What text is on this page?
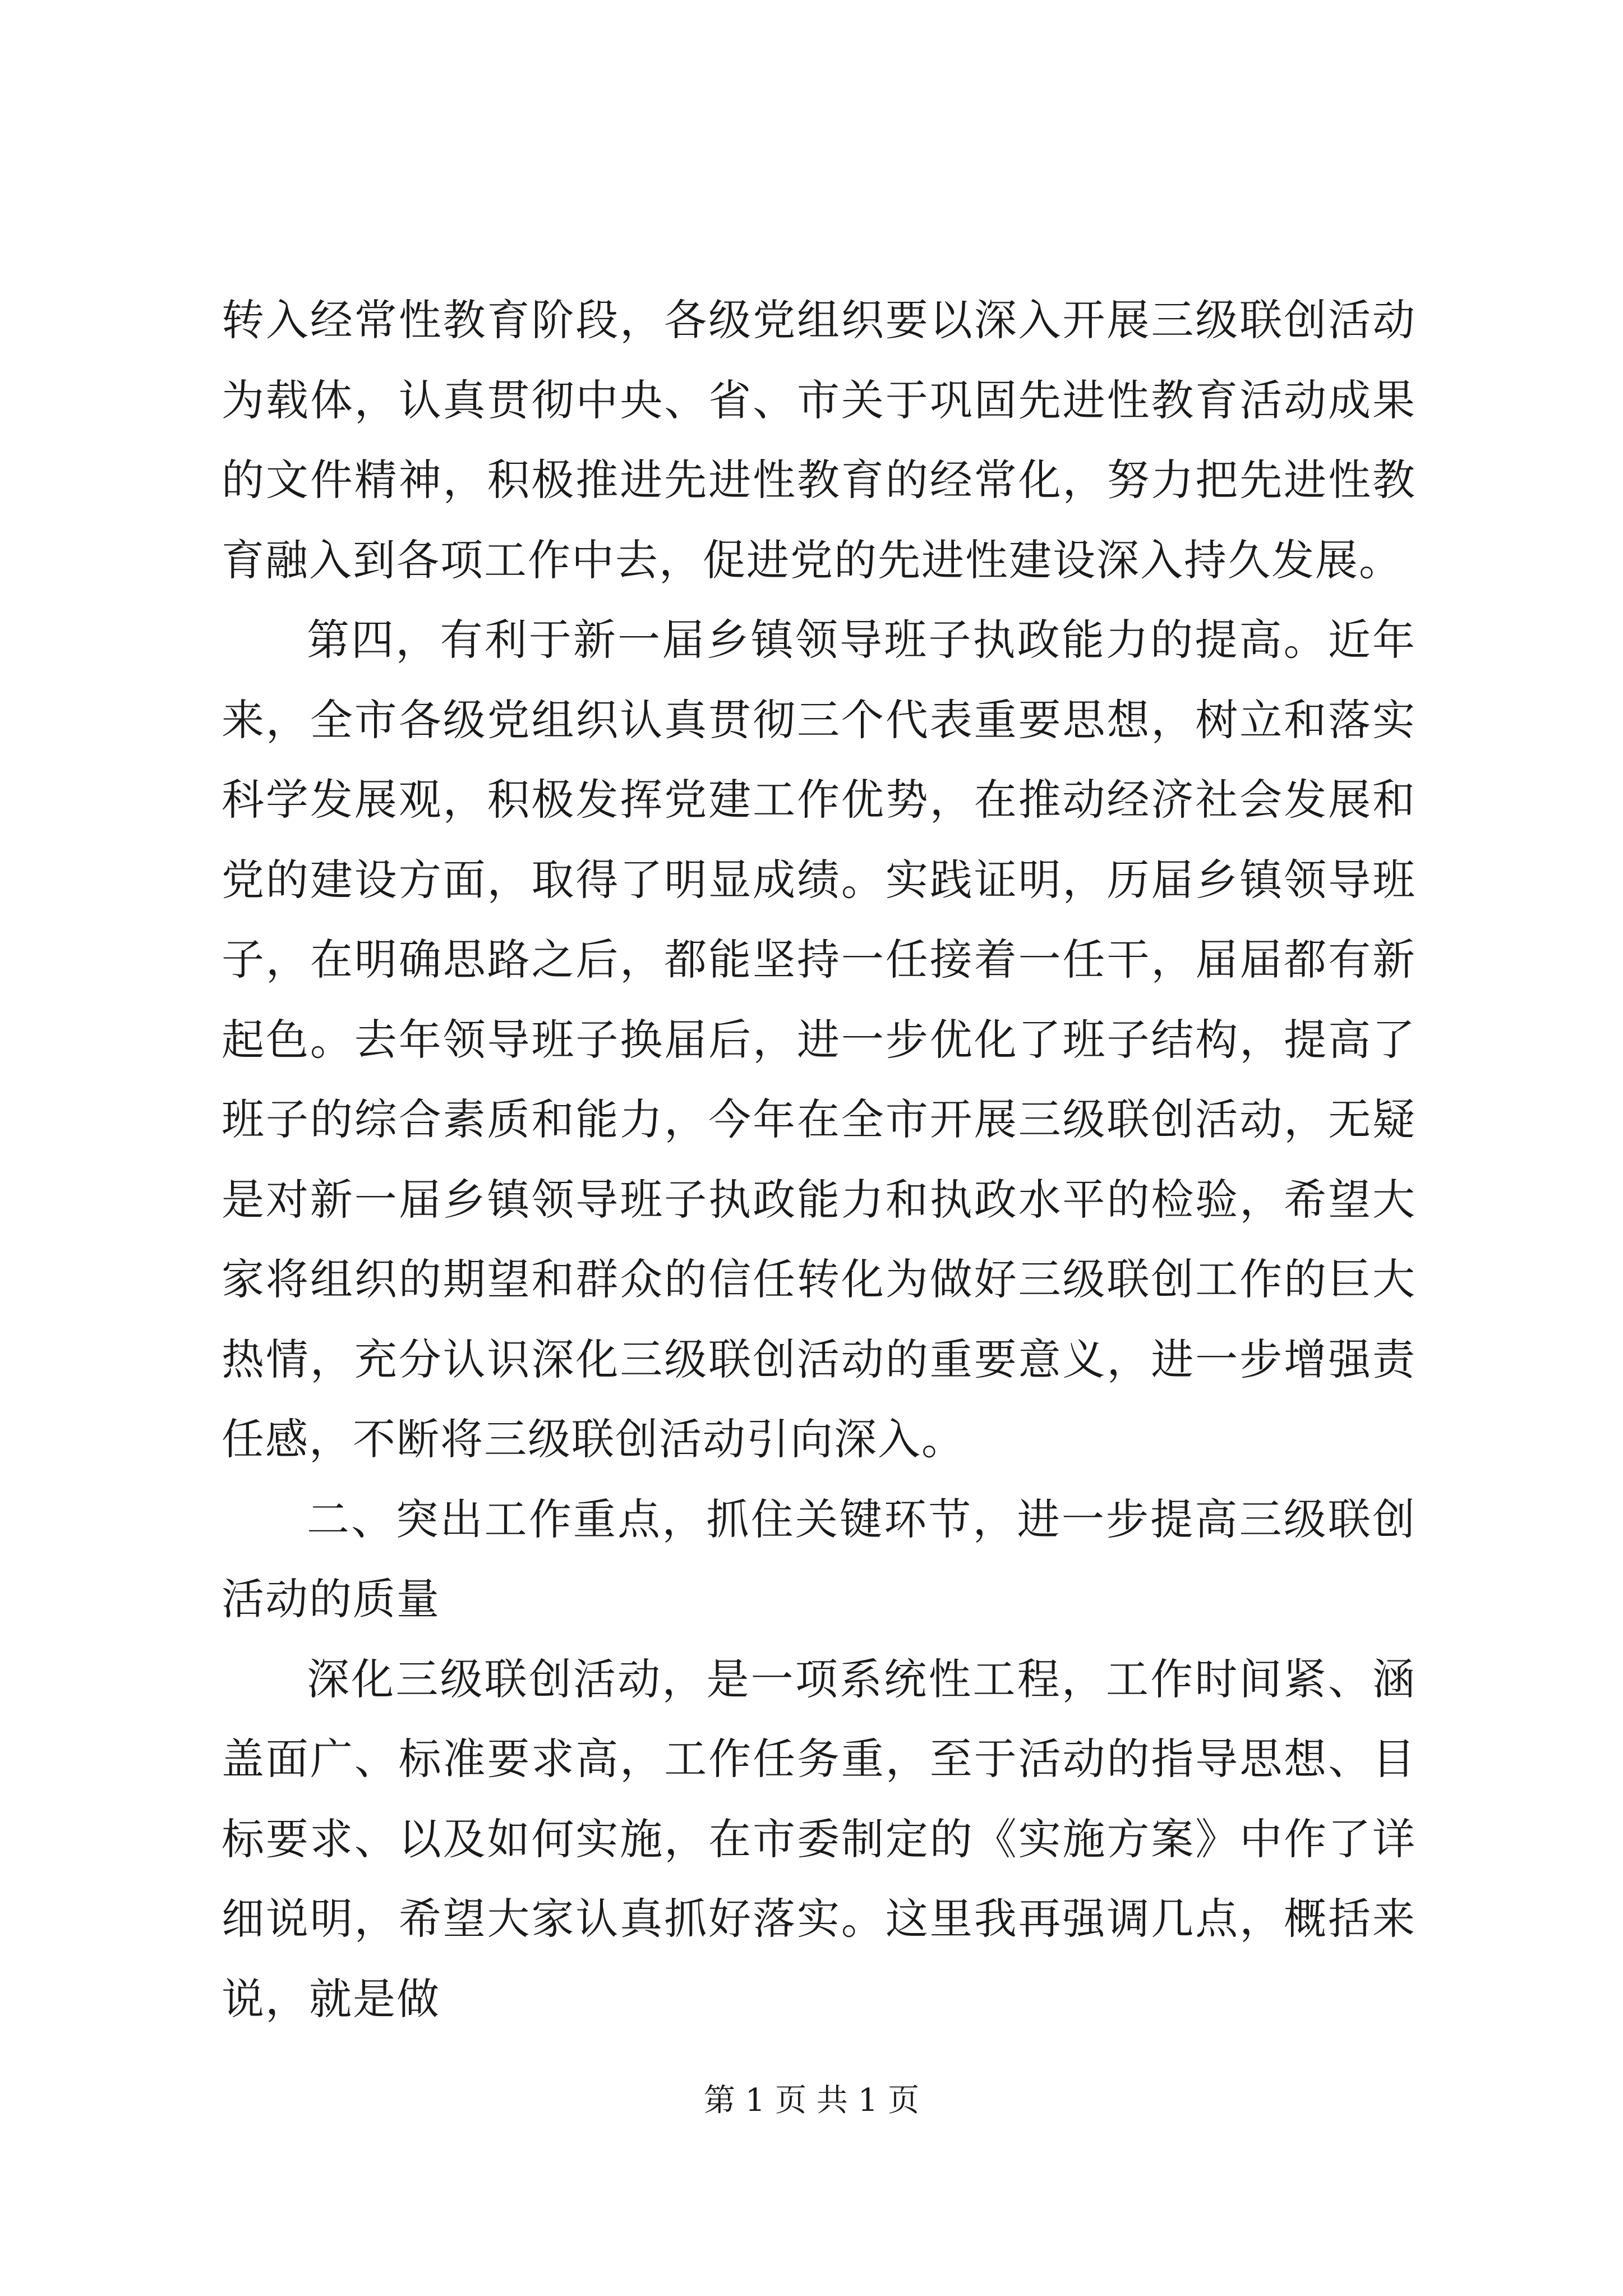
转入经常性教育阶段，各级党组织要以深入开展三级联创活动为载体，认真贯彻中央、省、市关于巩固先进性教育活动成果的文件精神，积极推进先进性教育的经常化，努力把先进性教育融入到各项工作中去，促进党的先进性建设深入持久发展。

第四，有利于新一届乡镇领导班子执政能力的提高。近年来，全市各级党组织认真贯彻三个代表重要思想，树立和落实科学发展观，积极发挥党建工作优势，在推动经济社会发展和党的建设方面，取得了明显成绩。实践证明，历届乡镇领导班子，在明确思路之后，都能坚持一任接着一任干，届届都有新起色。去年领导班子换届后，进一步优化了班子结构，提高了班子的综合素质和能力，今年在全市开展三级联创活动，无疑是对新一届乡镇领导班子执政能力和执政水平的检验，希望大家将组织的期望和群众的信任转化为做好三级联创工作的巨大热情，充分认识深化三级联创活动的重要意义，进一步增强责任感，不断将三级联创活动引向深入。

二、突出工作重点，抓住关键环节，进一步提高三级联创活动的质量

深化三级联创活动，是一项系统性工程，工作时间紧、涵盖面广、标准要求高，工作任务重，至于活动的指导思想、目标要求、以及如何实施，在市委制定的《实施方案》中作了详细说明，希望大家认真抓好落实。这里我再强调几点，概括来说，就是做

第 1 页 共 1 页
